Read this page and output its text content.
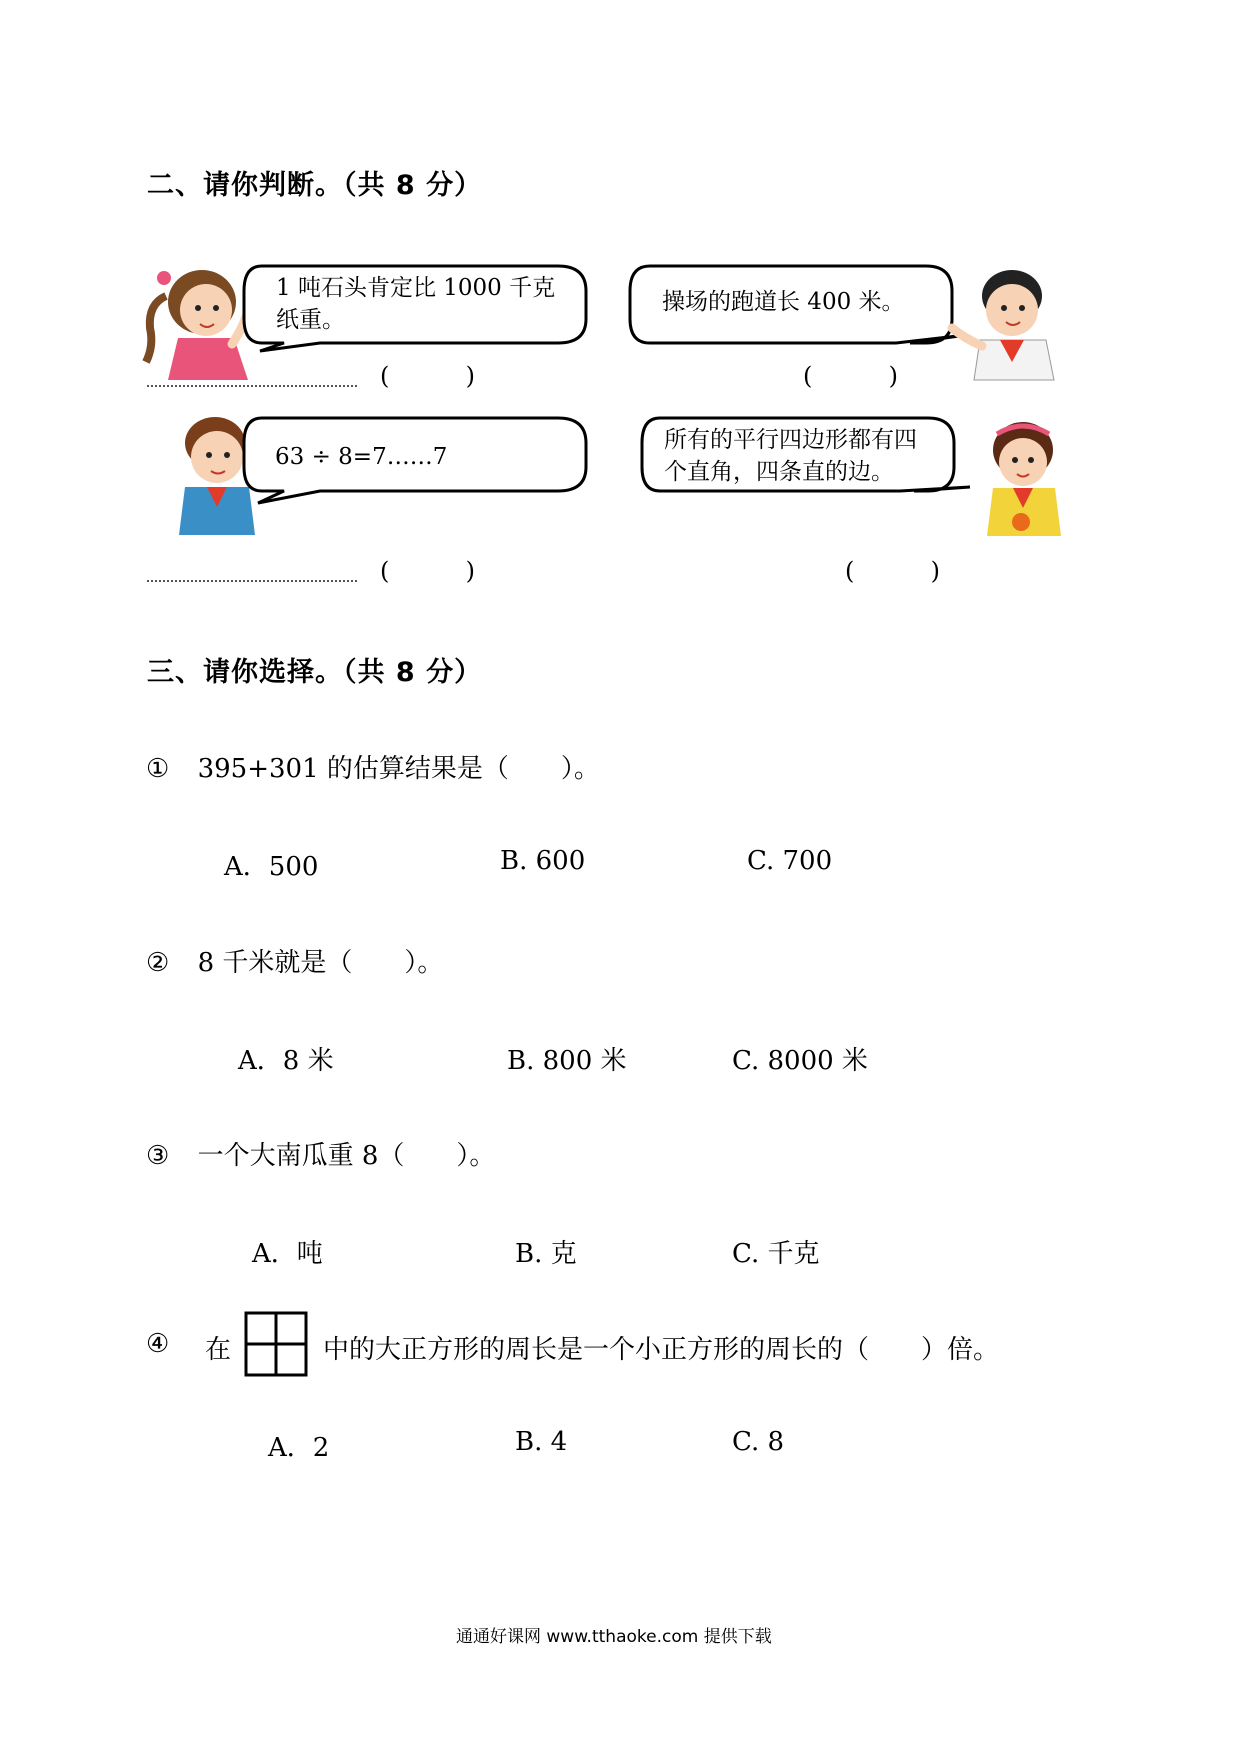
二、请你判断。（共 8 分）
1 吨石头肯定比 1000 千克
纸重。
(          )
操场的跑道长 400 米。
(          )
63 ÷ 8=7……7
(          )
所有的平行四边形都有四
个直角，四条直的边。
(          )
三、请你选择。（共 8 分）
① 395+301 的估算结果是（　　）。
A．500	B. 600	C. 700
② 8 千米就是（　　）。
A．8 米	B. 800 米	C. 8000 米
③ 一个大南瓜重 8（　　）。
A．吨	B. 克	C. 千克
④ 在	中的大正方形的周长是一个小正方形的周长的（　　）倍。
A．2	B. 4	C. 8
通通好课网 www.tthaoke.com 提供下载
